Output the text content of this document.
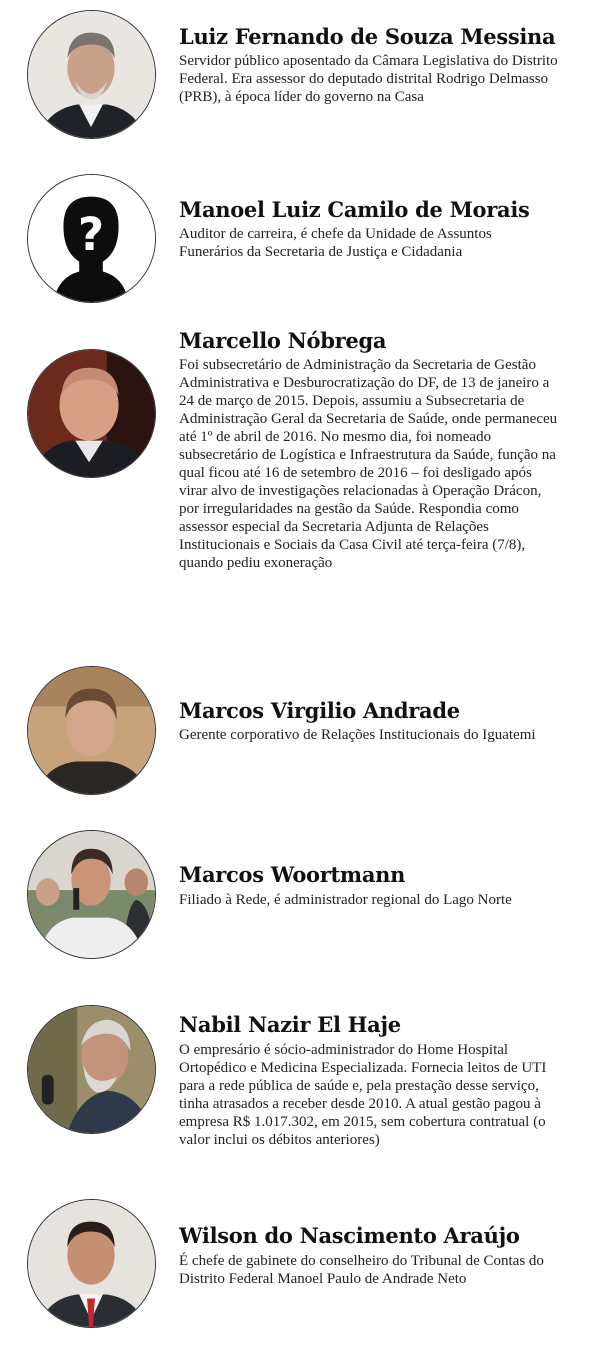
Luiz Fernando de Souza Messina

Servidor público aposentado da Câmara Legislativa do Distrito Federal. Era assessor do deputado distrital Rodrigo Delmasso (PRB), à época líder do governo na Casa

?	Manoel Luiz Camilo de Morais

Auditor de carreira, é chefe da Unidade de Assuntos Funerários da Secretaria de Justiça e Cidadania

Marcello Nóbrega

Foi subsecretário de Administração da Secretaria de Gestão Administrativa e Desburocratização do DF, de 13 de janeiro a 24 de março de 2015. Depois, assumiu a Subsecretaria de Administração Geral da Secretaria de Saúde, onde permaneceu até 1º de abril de 2016. No mesmo dia, foi nomeado subsecretário de Logística e Infraestrutura da Saúde, função na qual ficou até 16 de setembro de 2016 – foi desligado após virar alvo de investigações relacionadas à Operação Drácon, por irregularidades na gestão da Saúde. Respondia como assessor especial da Secretaria Adjunta de Relações Institucionais e Sociais da Casa Civil até terça-feira (7/8), quando pediu exoneração

Marcos Virgilio Andrade

Gerente corporativo de Relações Institucionais do Iguatemi

Marcos Woortmann

Filiado à Rede, é administrador regional do Lago Norte

Nabil Nazir El Haje

O empresário é sócio-administrador do Home Hospital Ortopédico e Medicina Especializada. Fornecia leitos de UTI para a rede pública de saúde e, pela prestação desse serviço, tinha atrasados a receber desde 2010. A atual gestão pagou à empresa R$ 1.017.302, em 2015, sem cobertura contratual (o valor inclui os débitos anteriores)

Wilson do Nascimento Araújo

É chefe de gabinete do conselheiro do Tribunal de Contas do Distrito Federal Manoel Paulo de Andrade Neto
